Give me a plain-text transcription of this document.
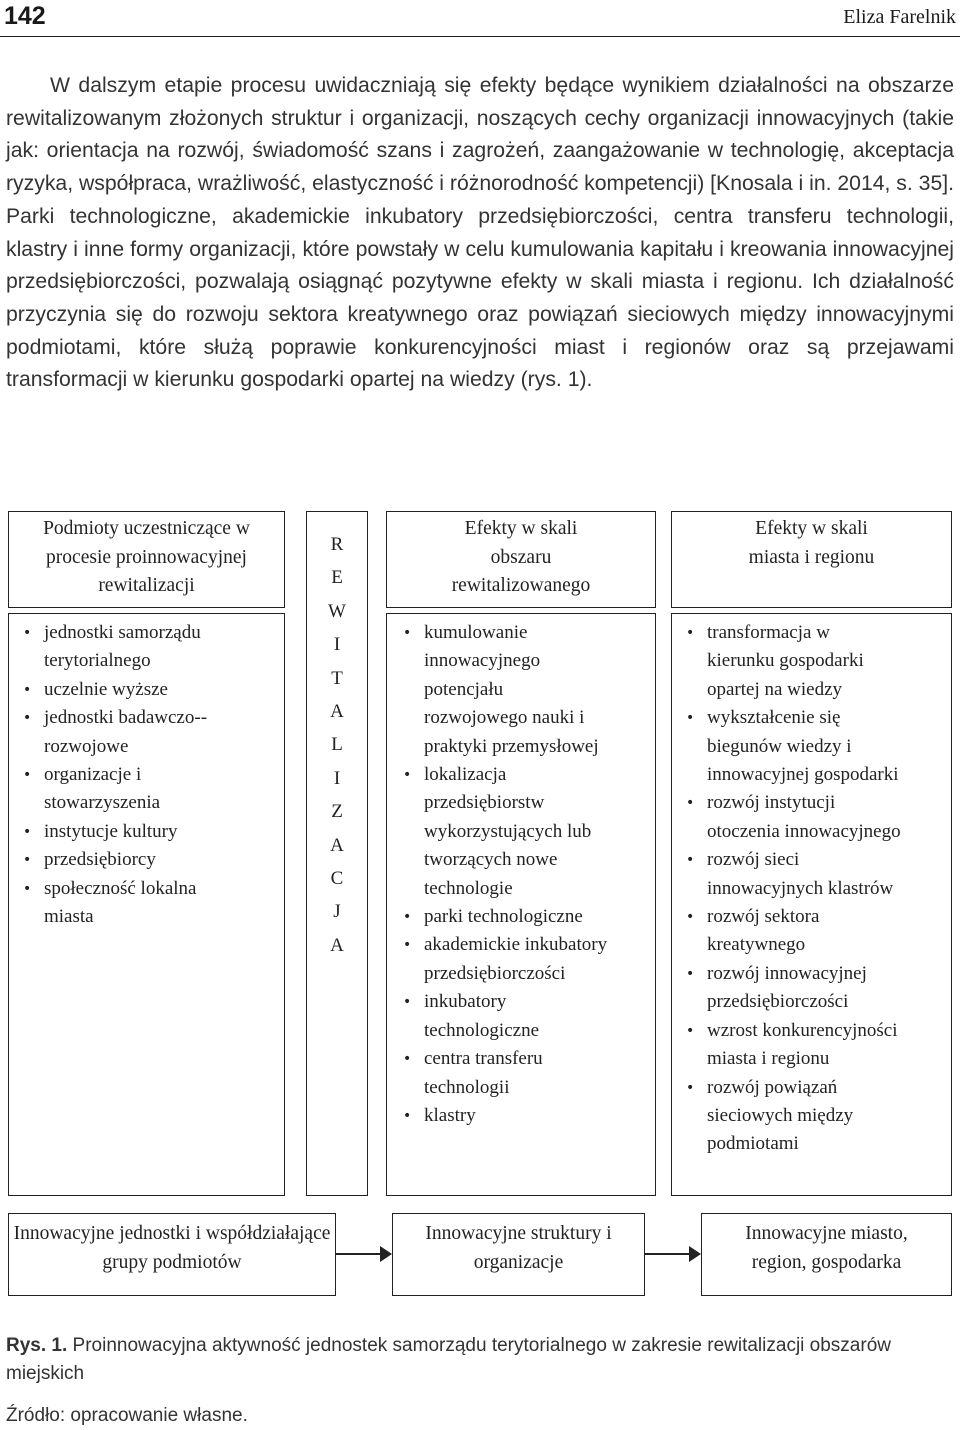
142	Eliza Farelnik

W dalszym etapie procesu uwidaczniają się efekty będące wynikiem działalności na obszarze rewitalizowanym złożonych struktur i organizacji, noszących cechy organizacji innowacyjnych (takie jak: orientacja na rozwój, świadomość szans i zagrożeń, zaangażowanie w technologię, akceptacja ryzyka, współpraca, wrażliwość, elastyczność i różnorodność kompetencji) [Knosala i in. 2014, s. 35]. Parki technologiczne, akademickie inkubatory przedsiębiorczości, centra transferu technologii, klastry i inne formy organizacji, które powstały w celu kumulowania kapitału i kreowania innowacyjnej przedsiębiorczości, pozwalają osiągnąć pozytywne efekty w skali miasta i regionu. Ich działalność przyczynia się do rozwoju sektora kreatywnego oraz powiązań sieciowych między innowacyjnymi podmiotami, które służą poprawie konkurencyjności miast i regionów oraz są przejawami transformacji w kierunku gospodarki opartej na wiedzy (rys. 1).

Podmioty uczestniczące w procesie proinnowacyjnej rewitalizacji
R
E
W
I
T
A
L
I
Z
A
C
J
A
Efekty w skali obszaru rewitalizowanego
Efekty w skali miasta i regionu
• jednostki samorządu terytorialnego
• uczelnie wyższe
• jednostki badawczo--rozwojowe
• organizacje i stowarzyszenia
• instytucje kultury
• przedsiębiorcy
• społeczność lokalna miasta
• kumulowanie innowacyjnego potencjału rozwojowego nauki i praktyki przemysłowej
• lokalizacja przedsiębiorstw wykorzystujących lub tworzących nowe technologie
• parki technologiczne
• akademickie inkubatory przedsiębiorczości
• inkubatory technologiczne
• centra transferu technologii
• klastry
• transformacja w kierunku gospodarki opartej na wiedzy
• wykształcenie się biegunów wiedzy i innowacyjnej gospodarki
• rozwój instytucji otoczenia innowacyjnego
• rozwój sieci innowacyjnych klastrów
• rozwój sektora kreatywnego
• rozwój innowacyjnej przedsiębiorczości
• wzrost konkurencyjności miasta i regionu
• rozwój powiązań sieciowych między podmiotami
Innowacyjne jednostki i współdziałające grupy podmiotów
Innowacyjne struktury i organizacje
Innowacyjne miasto, region, gospodarka

Rys. 1. Proinnowacyjna aktywność jednostek samorządu terytorialnego w zakresie rewitalizacji obszarów miejskich

Źródło: opracowanie własne.
